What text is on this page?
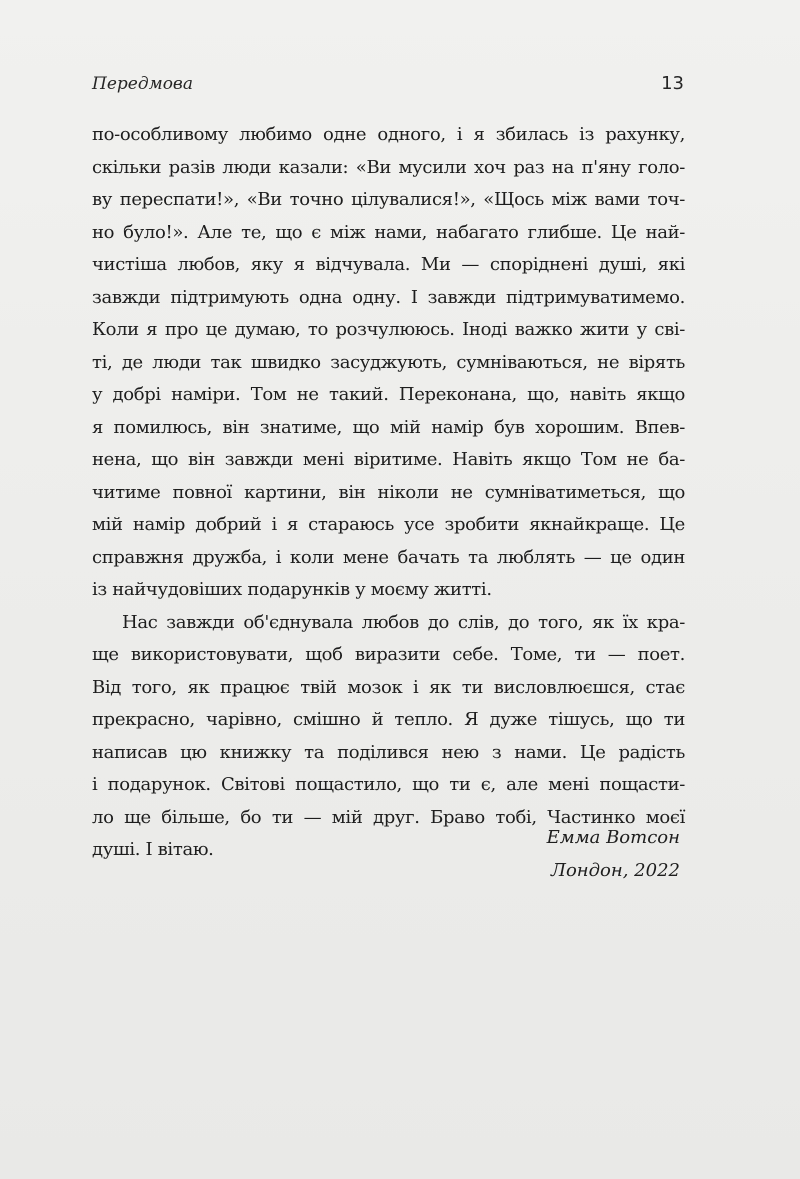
Передмова	13

по-особливому любимо одне одного, і я збилась із рахунку,
скільки разів люди казали: «Ви мусили хоч раз на п'яну голо-
ву переспати!», «Ви точно цілувалися!», «Щось між вами точ-
но було!». Але те, що є між нами, набагато глибше. Це най-
чистіша любов, яку я відчувала. Ми — споріднені душі, які
завжди підтримують одна одну. І завжди підтримуватимемо.
Коли я про це думаю, то розчулююсь. Іноді важко жити у сві-
ті, де люди так швидко засуджують, сумніваються, не вірять
у добрі наміри. Том не такий. Переконана, що, навіть якщо
я помилюсь, він знатиме, що мій намір був хорошим. Впев-
нена, що він завжди мені віритиме. Навіть якщо Том не ба-
читиме повної картини, він ніколи не сумніватиметься, що
мій намір добрий і я стараюсь усе зробити якнайкраще. Це
справжня дружба, і коли мене бачать та люблять — це один
із найчудовіших подарунків у моєму житті.

Нас завжди об'єднувала любов до слів, до того, як їх кра-
ще використовувати, щоб виразити себе. Томе, ти — поет.
Від того, як працює твій мозок і як ти висловлюєшся, стає
прекрасно, чарівно, смішно й тепло. Я дуже тішусь, що ти
написав цю книжку та поділився нею з нами. Це радість
і подарунок. Світові пощастило, що ти є, але мені пощасти-
ло ще більше, бо ти — мій друг. Браво тобі, Частинко моєї
душі. І вітаю.

Емма Вотсон
Лондон, 2022
